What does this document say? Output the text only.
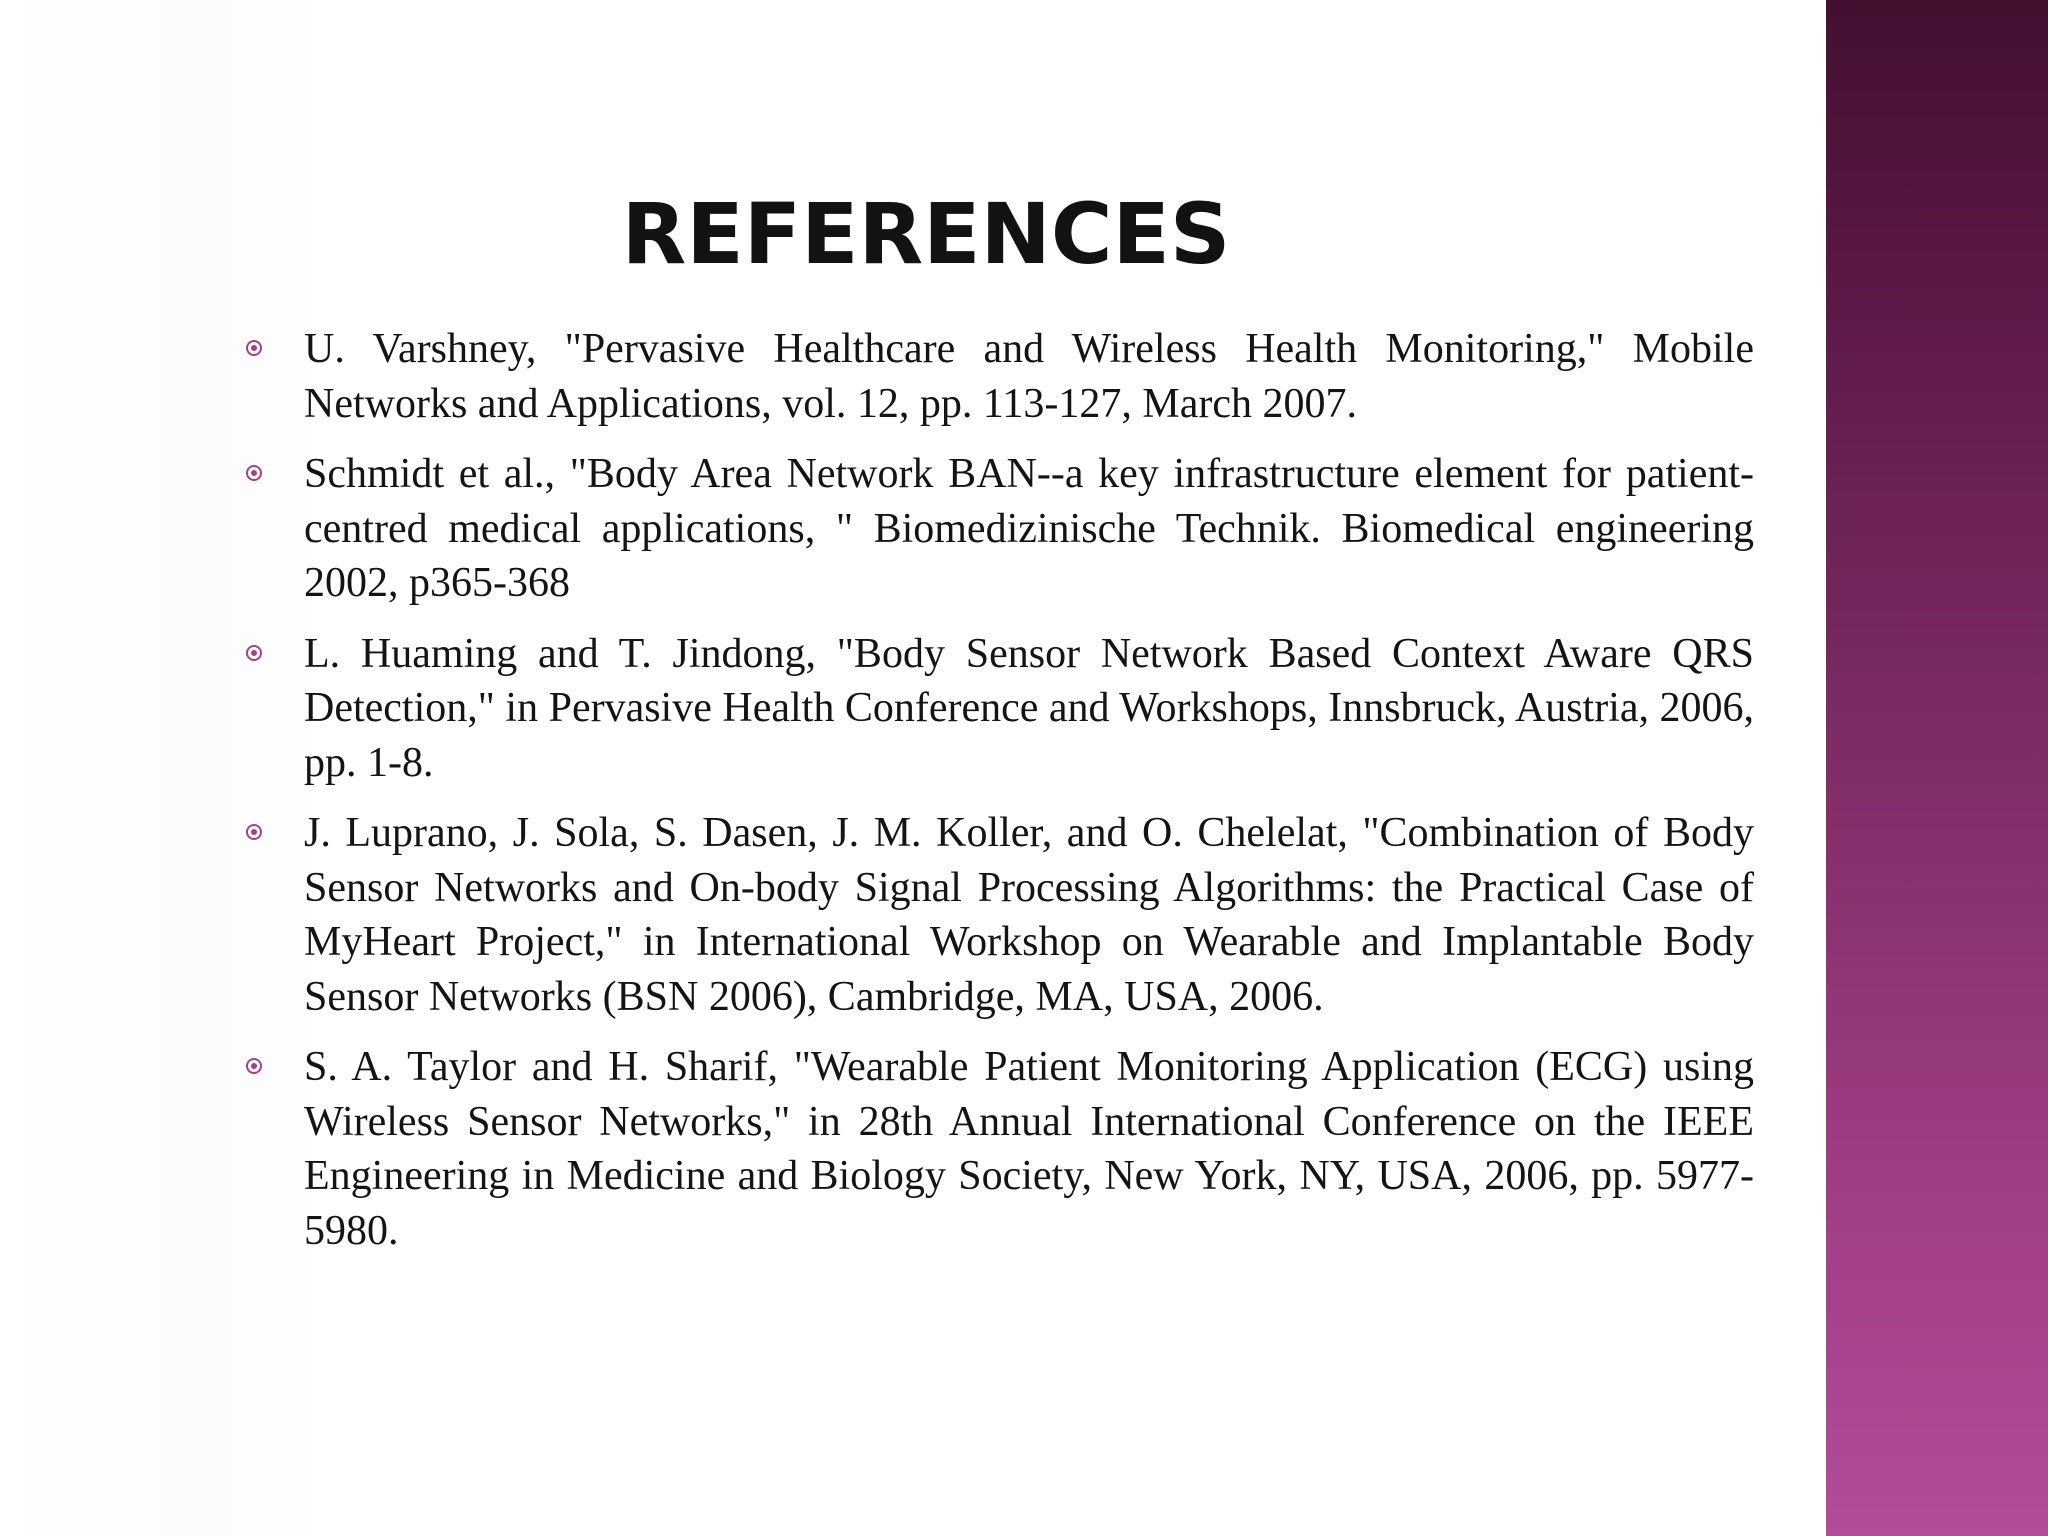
REFERENCES
U. Varshney, "Pervasive Healthcare and Wireless Health Monitoring," Mobile Networks and Applications, vol. 12, pp. 113-127, March 2007.
Schmidt et al., "Body Area Network BAN--a key infrastructure element for patient-centred medical applications, " Biomedizinische Technik. Biomedical engineering 2002, p365-368
L. Huaming and T. Jindong, "Body Sensor Network Based Context Aware QRS Detection," in Pervasive Health Conference and Workshops, Innsbruck, Austria, 2006, pp. 1-8.
J. Luprano, J. Sola, S. Dasen, J. M. Koller, and O. Chelelat, "Combination of Body Sensor Networks and On-body Signal Processing Algorithms: the Practical Case of MyHeart Project," in International Workshop on Wearable and Implantable Body Sensor Networks (BSN 2006), Cambridge, MA, USA, 2006.
S. A. Taylor and H. Sharif, "Wearable Patient Monitoring Application (ECG) using Wireless Sensor Networks," in 28th Annual International Conference on the IEEE Engineering in Medicine and Biology Society, New York, NY, USA, 2006, pp. 5977-5980.
